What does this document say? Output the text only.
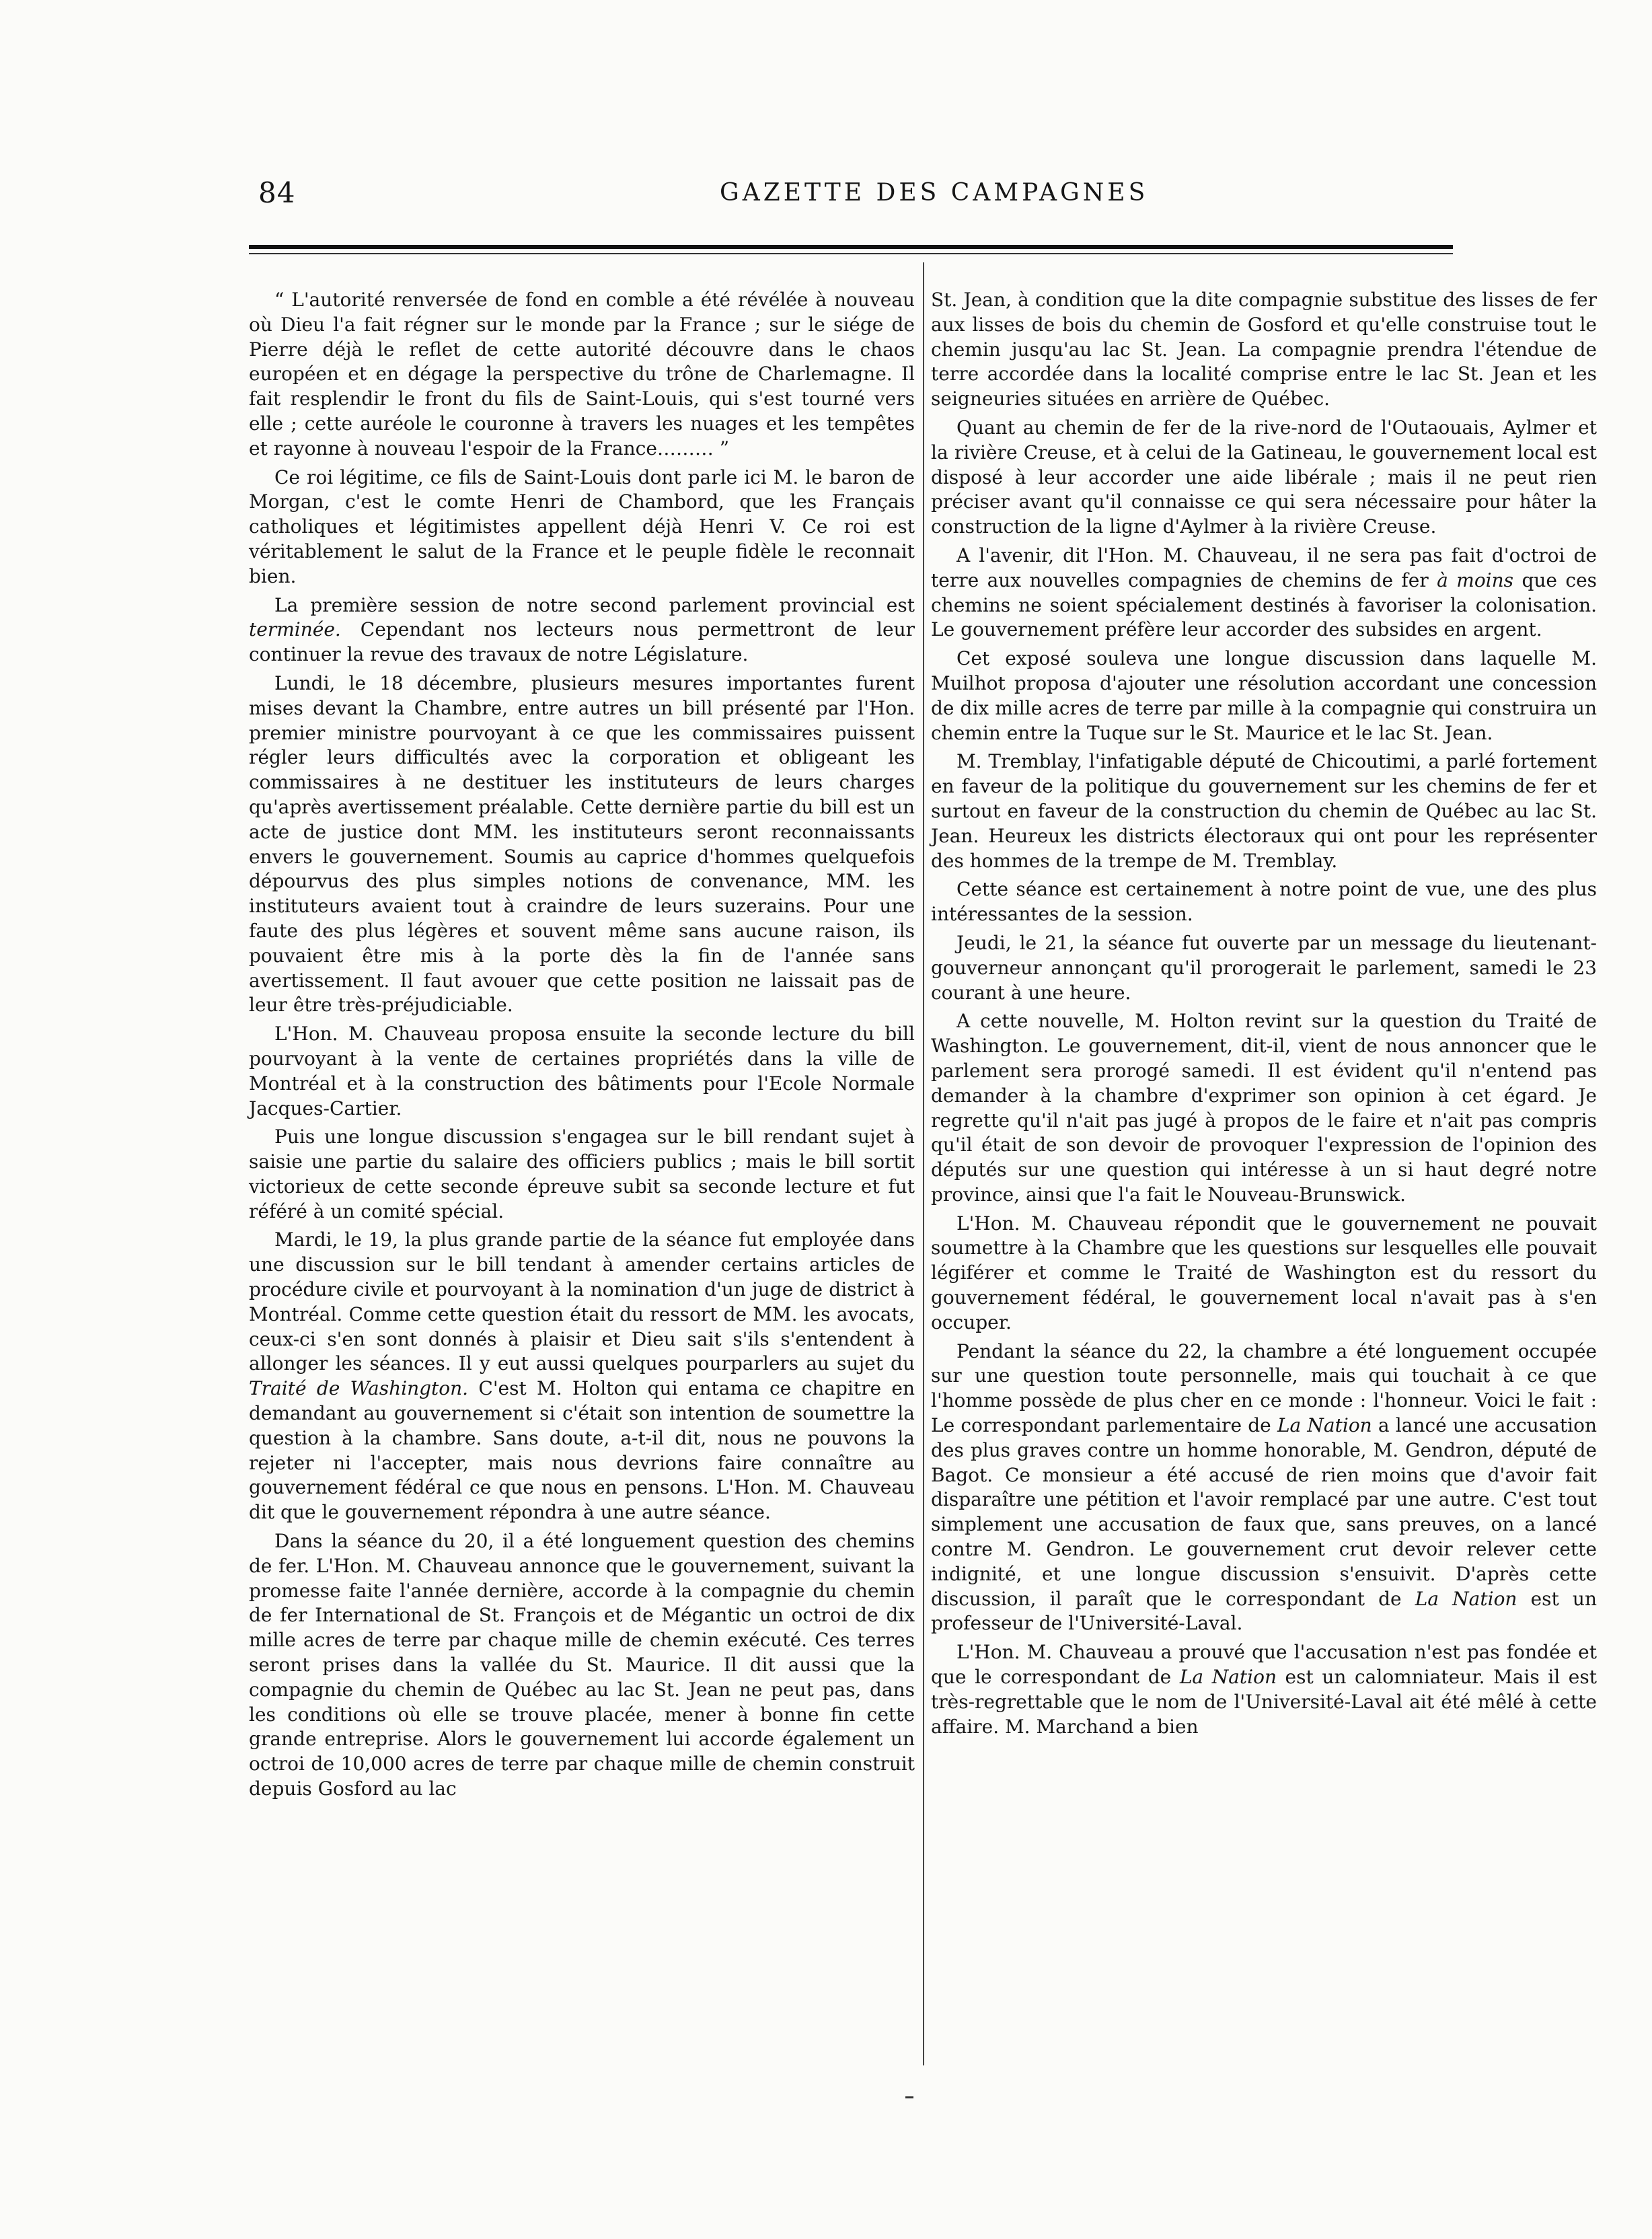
84	GAZETTE DES CAMPAGNES

“ L'autorité renversée de fond en comble a été révélée à nouveau où Dieu l'a fait régner sur le monde par la France ; sur le siége de Pierre déjà le reflet de cette autorité découvre dans le chaos européen et en dégage la perspective du trône de Charlemagne. Il fait resplendir le front du fils de Saint-Louis, qui s'est tourné vers elle ; cette auréole le couronne à travers les nuages et les tempêtes et rayonne à nouveau l'espoir de la France……… ”

Ce roi légitime, ce fils de Saint-Louis dont parle ici M. le baron de Morgan, c'est le comte Henri de Chambord, que les Français catholiques et légitimistes appellent déjà Henri V. Ce roi est véritablement le salut de la France et le peuple fidèle le reconnait bien.

La première session de notre second parlement provincial est terminée. Cependant nos lecteurs nous permettront de leur continuer la revue des travaux de notre Législature.

Lundi, le 18 décembre, plusieurs mesures importantes furent mises devant la Chambre, entre autres un bill présenté par l'Hon. premier ministre pourvoyant à ce que les commissaires puissent régler leurs difficultés avec la corporation et obligeant les commissaires à ne destituer les instituteurs de leurs charges qu'après avertissement préalable. Cette dernière partie du bill est un acte de justice dont MM. les instituteurs seront reconnaissants envers le gouvernement. Soumis au caprice d'hommes quelquefois dépourvus des plus simples notions de convenance, MM. les instituteurs avaient tout à craindre de leurs suzerains. Pour une faute des plus légères et souvent même sans aucune raison, ils pouvaient être mis à la porte dès la fin de l'année sans avertissement. Il faut avouer que cette position ne laissait pas de leur être très-préjudiciable.

L'Hon. M. Chauveau proposa ensuite la seconde lecture du bill pourvoyant à la vente de certaines propriétés dans la ville de Montréal et à la construction des bâtiments pour l'Ecole Normale Jacques-Cartier.

Puis une longue discussion s'engagea sur le bill rendant sujet à saisie une partie du salaire des officiers publics ; mais le bill sortit victorieux de cette seconde épreuve subit sa seconde lecture et fut référé à un comité spécial.

Mardi, le 19, la plus grande partie de la séance fut employée dans une discussion sur le bill tendant à amender certains articles de procédure civile et pourvoyant à la nomination d'un juge de district à Montréal. Comme cette question était du ressort de MM. les avocats, ceux-ci s'en sont donnés à plaisir et Dieu sait s'ils s'entendent à allonger les séances. Il y eut aussi quelques pourparlers au sujet du Traité de Washington. C'est M. Holton qui entama ce chapitre en demandant au gouvernement si c'était son intention de soumettre la question à la chambre. Sans doute, a-t-il dit, nous ne pouvons la rejeter ni l'accepter, mais nous devrions faire connaître au gouvernement fédéral ce que nous en pensons. L'Hon. M. Chauveau dit que le gouvernement répondra à une autre séance.

Dans la séance du 20, il a été longuement question des chemins de fer. L'Hon. M. Chauveau annonce que le gouvernement, suivant la promesse faite l'année dernière, accorde à la compagnie du chemin de fer International de St. François et de Mégantic un octroi de dix mille acres de terre par chaque mille de chemin exécuté. Ces terres seront prises dans la vallée du St. Maurice. Il dit aussi que la compagnie du chemin de Québec au lac St. Jean ne peut pas, dans les conditions où elle se trouve placée, mener à bonne fin cette grande entreprise. Alors le gouvernement lui accorde également un octroi de 10,000 acres de terre par chaque mille de chemin construit depuis Gosford au lac

St. Jean, à condition que la dite compagnie substitue des lisses de fer aux lisses de bois du chemin de Gosford et qu'elle construise tout le chemin jusqu'au lac St. Jean. La compagnie prendra l'étendue de terre accordée dans la localité comprise entre le lac St. Jean et les seigneuries situées en arrière de Québec.

Quant au chemin de fer de la rive-nord de l'Outaouais, Aylmer et la rivière Creuse, et à celui de la Gatineau, le gouvernement local est disposé à leur accorder une aide libérale ; mais il ne peut rien préciser avant qu'il connaisse ce qui sera nécessaire pour hâter la construction de la ligne d'Aylmer à la rivière Creuse.

A l'avenir, dit l'Hon. M. Chauveau, il ne sera pas fait d'octroi de terre aux nouvelles compagnies de chemins de fer à moins que ces chemins ne soient spécialement destinés à favoriser la colonisation. Le gouvernement préfère leur accorder des subsides en argent.

Cet exposé souleva une longue discussion dans laquelle M. Muilhot proposa d'ajouter une résolution accordant une concession de dix mille acres de terre par mille à la compagnie qui construira un chemin entre la Tuque sur le St. Maurice et le lac St. Jean.

M. Tremblay, l'infatigable député de Chicoutimi, a parlé fortement en faveur de la politique du gouvernement sur les chemins de fer et surtout en faveur de la construction du chemin de Québec au lac St. Jean. Heureux les districts électoraux qui ont pour les représenter des hommes de la trempe de M. Tremblay.

Cette séance est certainement à notre point de vue, une des plus intéressantes de la session.

Jeudi, le 21, la séance fut ouverte par un message du lieutenant-gouverneur annonçant qu'il prorogerait le parlement, samedi le 23 courant à une heure.

A cette nouvelle, M. Holton revint sur la question du Traité de Washington. Le gouvernement, dit-il, vient de nous annoncer que le parlement sera prorogé samedi. Il est évident qu'il n'entend pas demander à la chambre d'exprimer son opinion à cet égard. Je regrette qu'il n'ait pas jugé à propos de le faire et n'ait pas compris qu'il était de son devoir de provoquer l'expression de l'opinion des députés sur une question qui intéresse à un si haut degré notre province, ainsi que l'a fait le Nouveau-Brunswick.

L'Hon. M. Chauveau répondit que le gouvernement ne pouvait soumettre à la Chambre que les questions sur lesquelles elle pouvait légiférer et comme le Traité de Washington est du ressort du gouvernement fédéral, le gouvernement local n'avait pas à s'en occuper.

Pendant la séance du 22, la chambre a été longuement occupée sur une question toute personnelle, mais qui touchait à ce que l'homme possède de plus cher en ce monde : l'honneur. Voici le fait : Le correspondant parlementaire de La Nation a lancé une accusation des plus graves contre un homme honorable, M. Gendron, député de Bagot. Ce monsieur a été accusé de rien moins que d'avoir fait disparaître une pétition et l'avoir remplacé par une autre. C'est tout simplement une accusation de faux que, sans preuves, on a lancé contre M. Gendron. Le gouvernement crut devoir relever cette indignité, et une longue discussion s'ensuivit. D'après cette discussion, il paraît que le correspondant de La Nation est un professeur de l'Université-Laval.

L'Hon. M. Chauveau a prouvé que l'accusation n'est pas fondée et que le correspondant de La Nation est un calomniateur. Mais il est très-regrettable que le nom de l'Université-Laval ait été mêlé à cette affaire. M. Marchand a bien
